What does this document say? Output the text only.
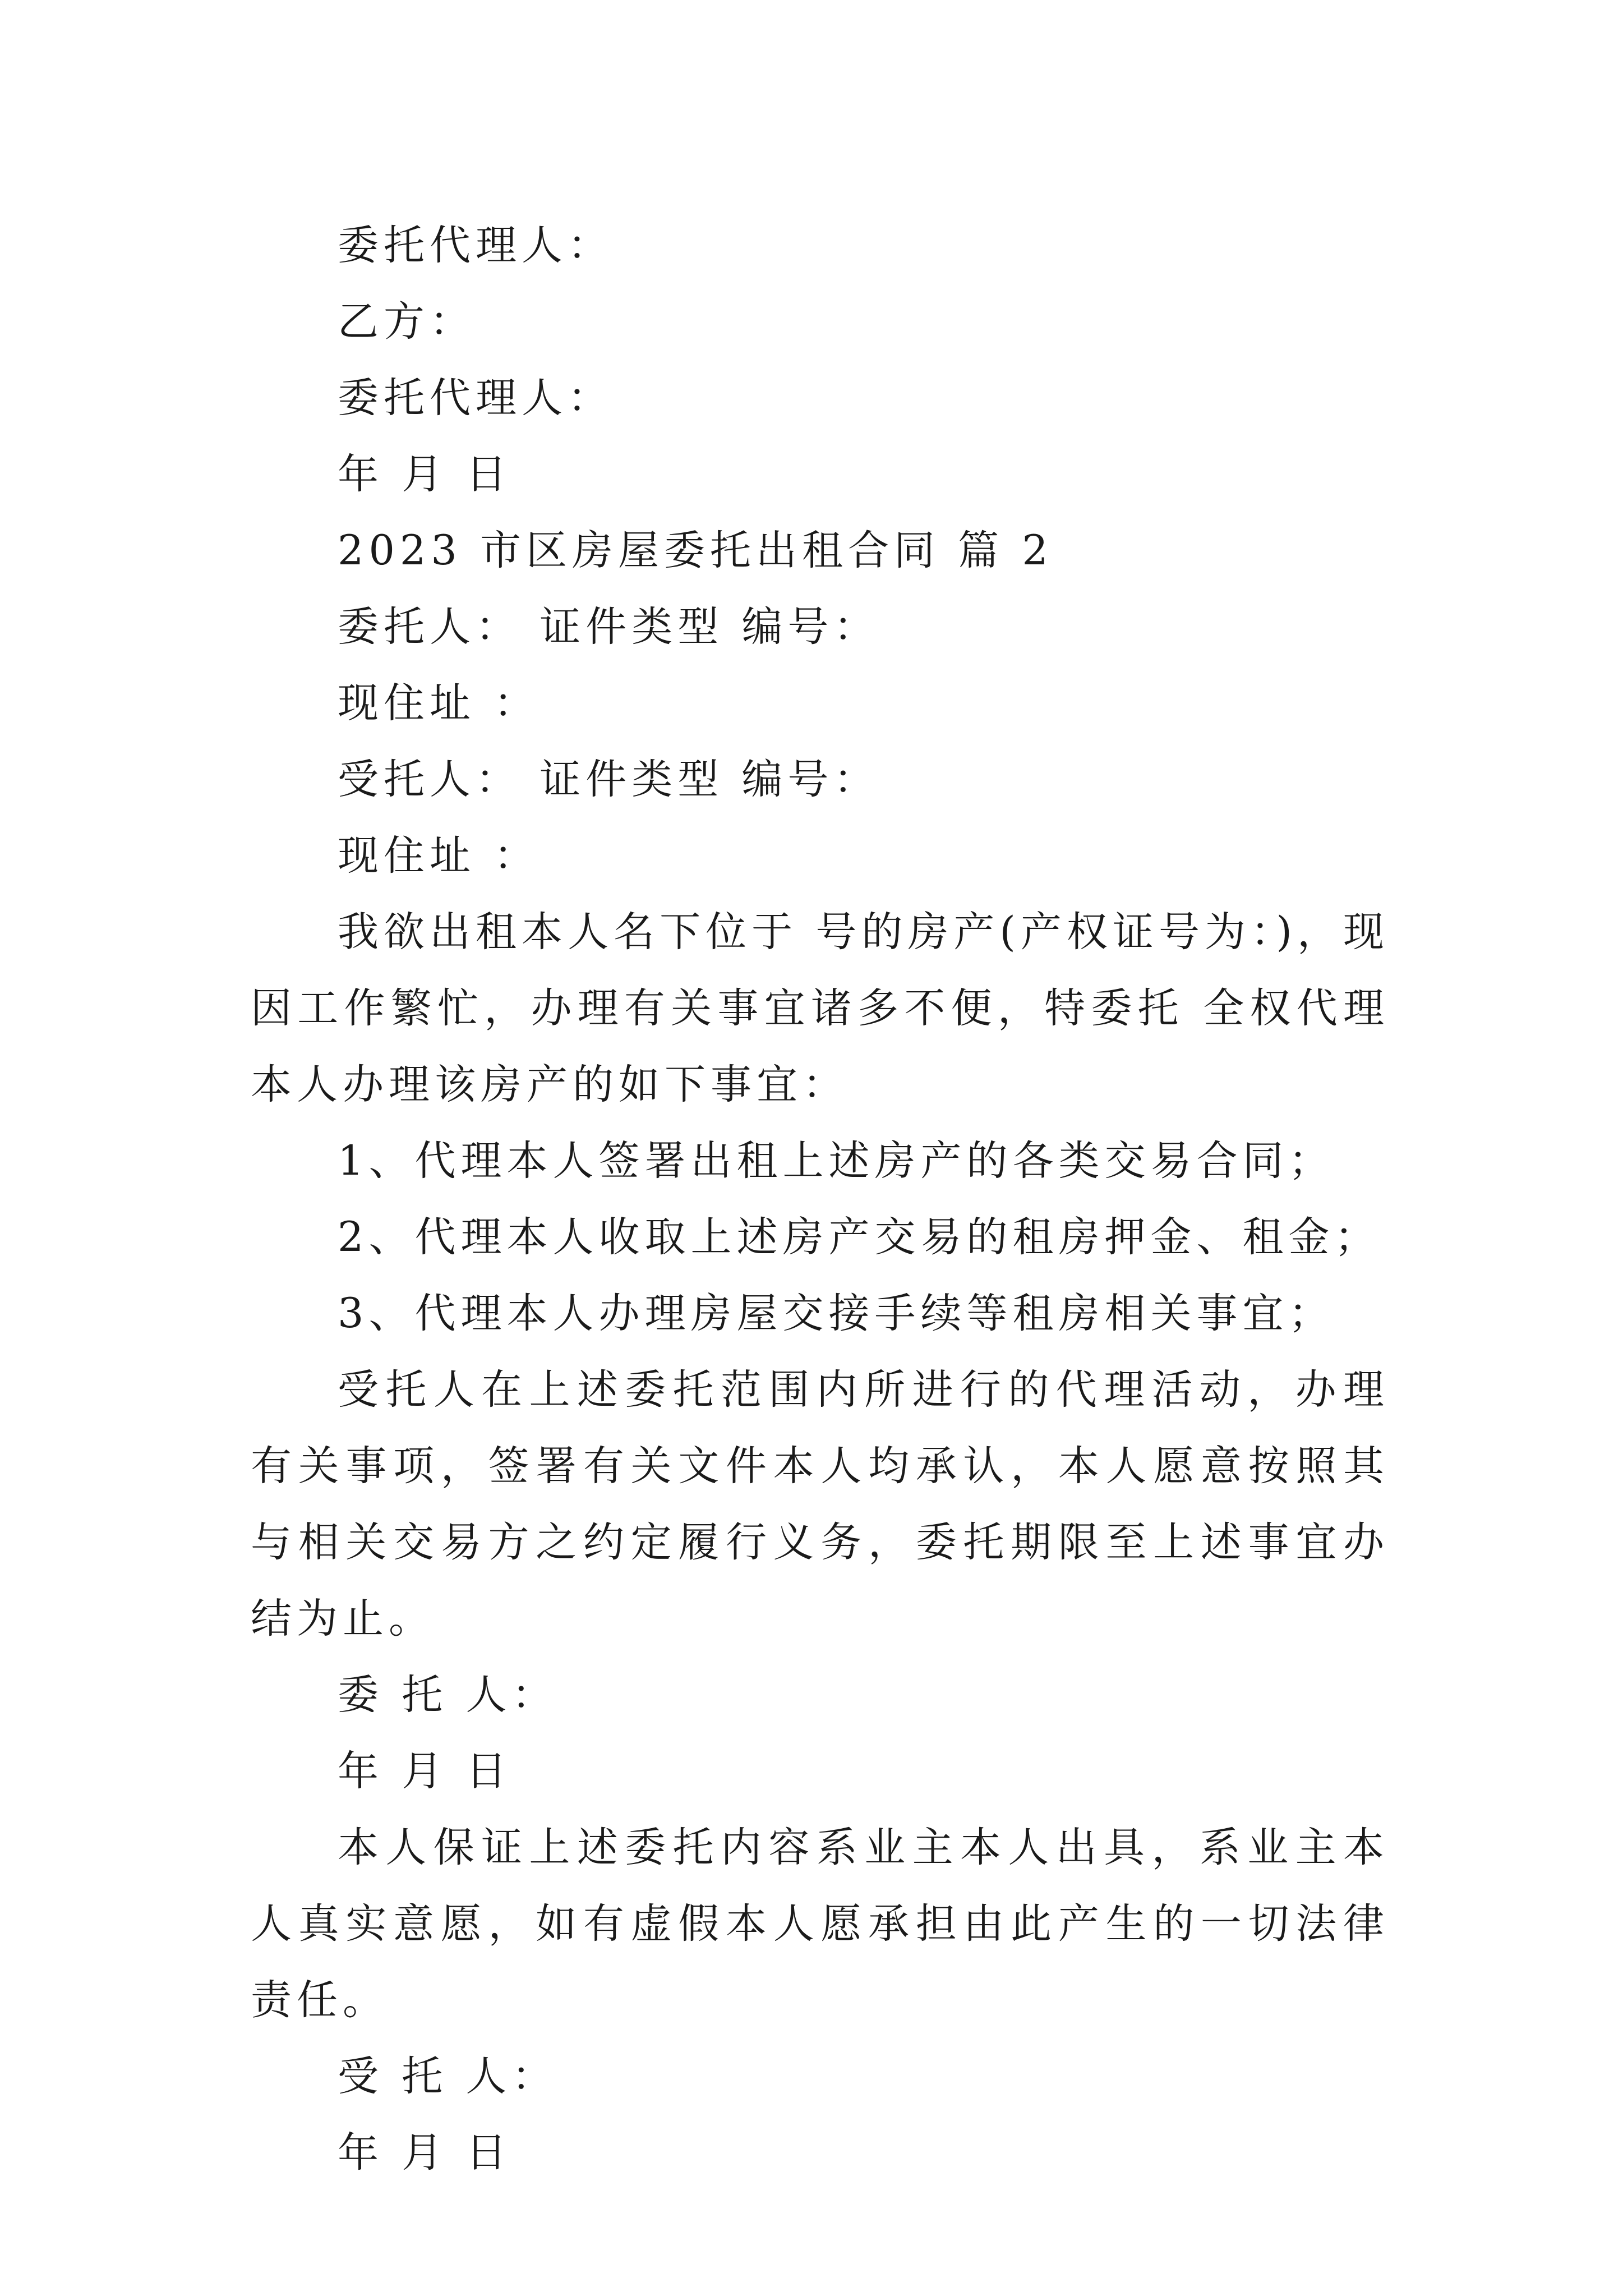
委托代理人：

乙方：

委托代理人：

年 月 日

2023 市区房屋委托出租合同 篇 2

委托人： 证件类型 编号：

现住址 ：

受托人： 证件类型 编号：

现住址 ：

我欲出租本人名下位于 号的房产(产权证号为：)，现因工作繁忙，办理有关事宜诸多不便，特委托 全权代理本人办理该房产的如下事宜：

1、代理本人签署出租上述房产的各类交易合同；

2、代理本人收取上述房产交易的租房押金、租金；

3、代理本人办理房屋交接手续等租房相关事宜；

受托人在上述委托范围内所进行的代理活动，办理有关事项，签署有关文件本人均承认，本人愿意按照其与相关交易方之约定履行义务，委托期限至上述事宜办结为止。

委 托 人：

年 月 日

本人保证上述委托内容系业主本人出具，系业主本人真实意愿，如有虚假本人愿承担由此产生的一切法律责任。

受 托 人：

年 月 日
